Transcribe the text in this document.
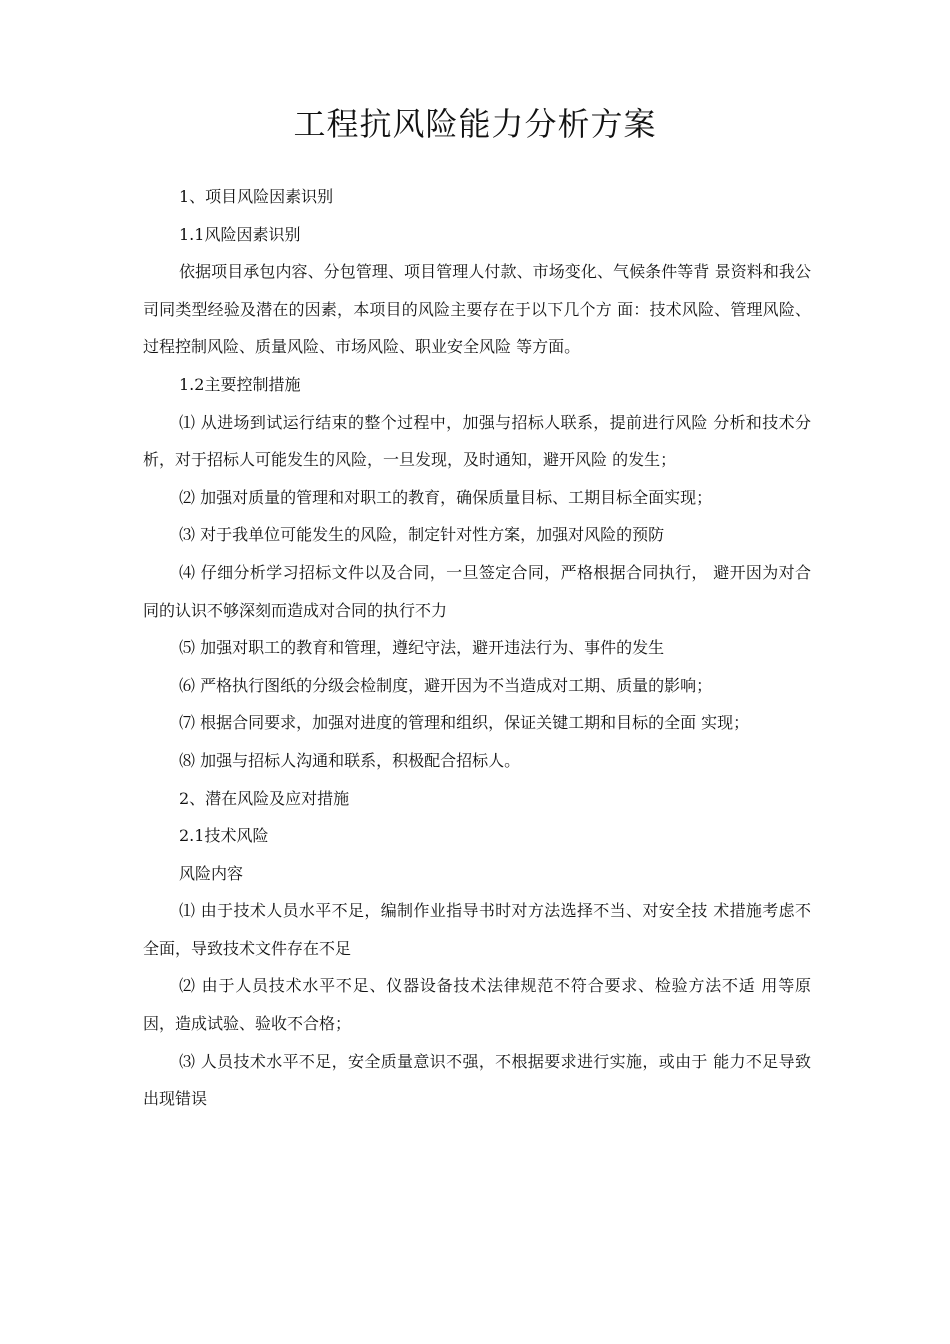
工程抗风险能力分析方案

1、项目风险因素识别

1.1风险因素识别

依据项目承包内容、分包管理、项目管理人付款、市场变化、气候条件等背 景资料和我公司同类型经验及潜在的因素，本项目的风险主要存在于以下几个方 面：技术风险、管理风险、过程控制风险、质量风险、市场风险、职业安全风险 等方面。

1.2主要控制措施

⑴ 从进场到试运行结束的整个过程中，加强与招标人联系，提前进行风险 分析和技术分析，对于招标人可能发生的风险，一旦发现，及时通知，避开风险 的发生；

⑵ 加强对质量的管理和对职工的教育，确保质量目标、工期目标全面实现；

⑶ 对于我单位可能发生的风险，制定针对性方案，加强对风险的预防

⑷ 仔细分析学习招标文件以及合同，一旦签定合同，严格根据合同执行， 避开因为对合同的认识不够深刻而造成对合同的执行不力

⑸ 加强对职工的教育和管理，遵纪守法，避开违法行为、事件的发生

⑹ 严格执行图纸的分级会检制度，避开因为不当造成对工期、质量的影响；

⑺ 根据合同要求，加强对进度的管理和组织，保证关键工期和目标的全面 实现；

⑻ 加强与招标人沟通和联系，积极配合招标人。

2、潜在风险及应对措施

2.1技术风险

风险内容

⑴ 由于技术人员水平不足，编制作业指导书时对方法选择不当、对安全技 术措施考虑不全面，导致技术文件存在不足

⑵ 由于人员技术水平不足、仪器设备技术法律规范不符合要求、检验方法不适 用等原因，造成试验、验收不合格；

⑶ 人员技术水平不足，安全质量意识不强，不根据要求进行实施，或由于 能力不足导致出现错误
